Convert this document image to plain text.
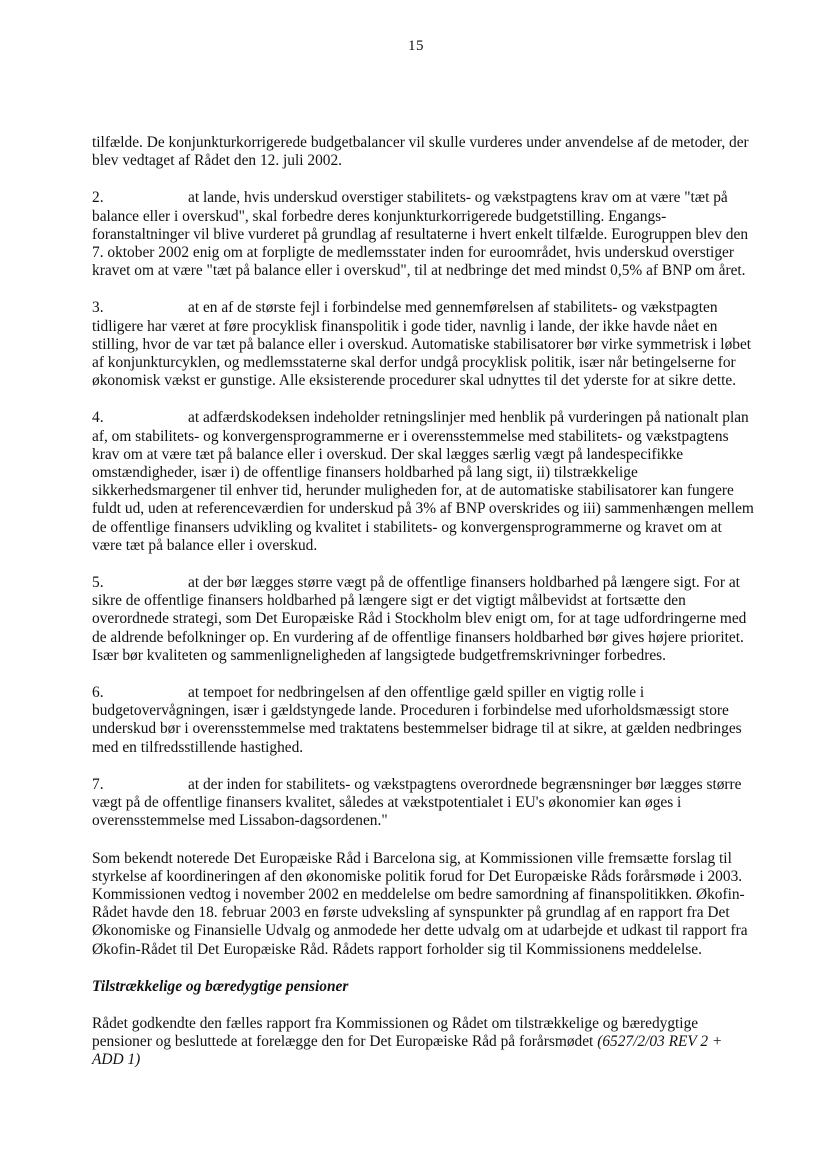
15

tilfælde. De konjunkturkorrigerede budgetbalancer vil skulle vurderes under anvendelse af de metoder, der blev vedtaget af Rådet den 12. juli 2002.

2.	at lande, hvis underskud overstiger stabilitets- og vækstpagtens krav om at være "tæt på balance eller i overskud", skal forbedre deres konjunkturkorrigerede budgetstilling. Engangs-foranstaltninger vil blive vurderet på grundlag af resultaterne i hvert enkelt tilfælde. Eurogruppen blev den 7. oktober 2002 enig om at forpligte de medlemsstater inden for euroområdet, hvis underskud overstiger kravet om at være "tæt på balance eller i overskud", til at nedbringe det med mindst 0,5% af BNP om året.

3.	at en af de største fejl i forbindelse med gennemførelsen af stabilitets- og vækstpagten tidligere har været at føre procyklisk finanspolitik i gode tider, navnlig i lande, der ikke havde nået en stilling, hvor de var tæt på balance eller i overskud. Automatiske stabilisatorer bør virke symmetrisk i løbet af konjunkturcyklen, og medlemsstaterne skal derfor undgå procyklisk politik, især når betingelserne for økonomisk vækst er gunstige. Alle eksisterende procedurer skal udnyttes til det yderste for at sikre dette.

4.	at adfærdskodeksen indeholder retningslinjer med henblik på vurderingen på nationalt plan af, om stabilitets- og konvergensprogrammerne er i overensstemmelse med stabilitets- og vækstpagtens krav om at være tæt på balance eller i overskud. Der skal lægges særlig vægt på landespecifikke omstændigheder, især i) de offentlige finansers holdbarhed på lang sigt, ii) tilstrækkelige sikkerhedsmargener til enhver tid, herunder muligheden for, at de automatiske stabilisatorer kan fungere fuldt ud, uden at referenceværdien for underskud på 3% af BNP overskrides og iii) sammenhængen mellem de offentlige finansers udvikling og kvalitet i stabilitets- og konvergensprogrammerne og kravet om at være tæt på balance eller i overskud.

5.	at der bør lægges større vægt på de offentlige finansers holdbarhed på længere sigt. For at sikre de offentlige finansers holdbarhed på længere sigt er det vigtigt målbevidst at fortsætte den overordnede strategi, som Det Europæiske Råd i Stockholm blev enigt om, for at tage udfordringerne med de aldrende befolkninger op. En vurdering af de offentlige finansers holdbarhed bør gives højere prioritet. Især bør kvaliteten og sammenligneligheden af langsigtede budgetfremskrivninger forbedres.

6.	at tempoet for nedbringelsen af den offentlige gæld spiller en vigtig rolle i budgetovervågningen, især i gældstyngede lande. Proceduren i forbindelse med uforholdsmæssigt store underskud bør i overensstemmelse med traktatens bestemmelser bidrage til at sikre, at gælden nedbringes med en tilfredsstillende hastighed.

7.	at der inden for stabilitets- og vækstpagtens overordnede begrænsninger bør lægges større vægt på de offentlige finansers kvalitet, således at vækstpotentialet i EU's økonomier kan øges i overensstemmelse med Lissabon-dagsordenen."

Som bekendt noterede Det Europæiske Råd i Barcelona sig, at Kommissionen ville fremsætte forslag til styrkelse af koordineringen af den økonomiske politik forud for Det Europæiske Råds forårsmøde i 2003. Kommissionen vedtog i november 2002 en meddelelse om bedre samordning af finanspolitikken. Økofin-Rådet havde den 18. februar 2003 en første udveksling af synspunkter på grundlag af en rapport fra Det Økonomiske og Finansielle Udvalg og anmodede her dette udvalg om at udarbejde et udkast til rapport fra Økofin-Rådet til Det Europæiske Råd. Rådets rapport forholder sig til Kommissionens meddelelse.

Tilstrækkelige og bæredygtige pensioner

Rådet godkendte den fælles rapport fra Kommissionen og Rådet om tilstrækkelige og bæredygtige pensioner og besluttede at forelægge den for Det Europæiske Råd på forårsmødet (6527/2/03 REV 2 + ADD 1)
